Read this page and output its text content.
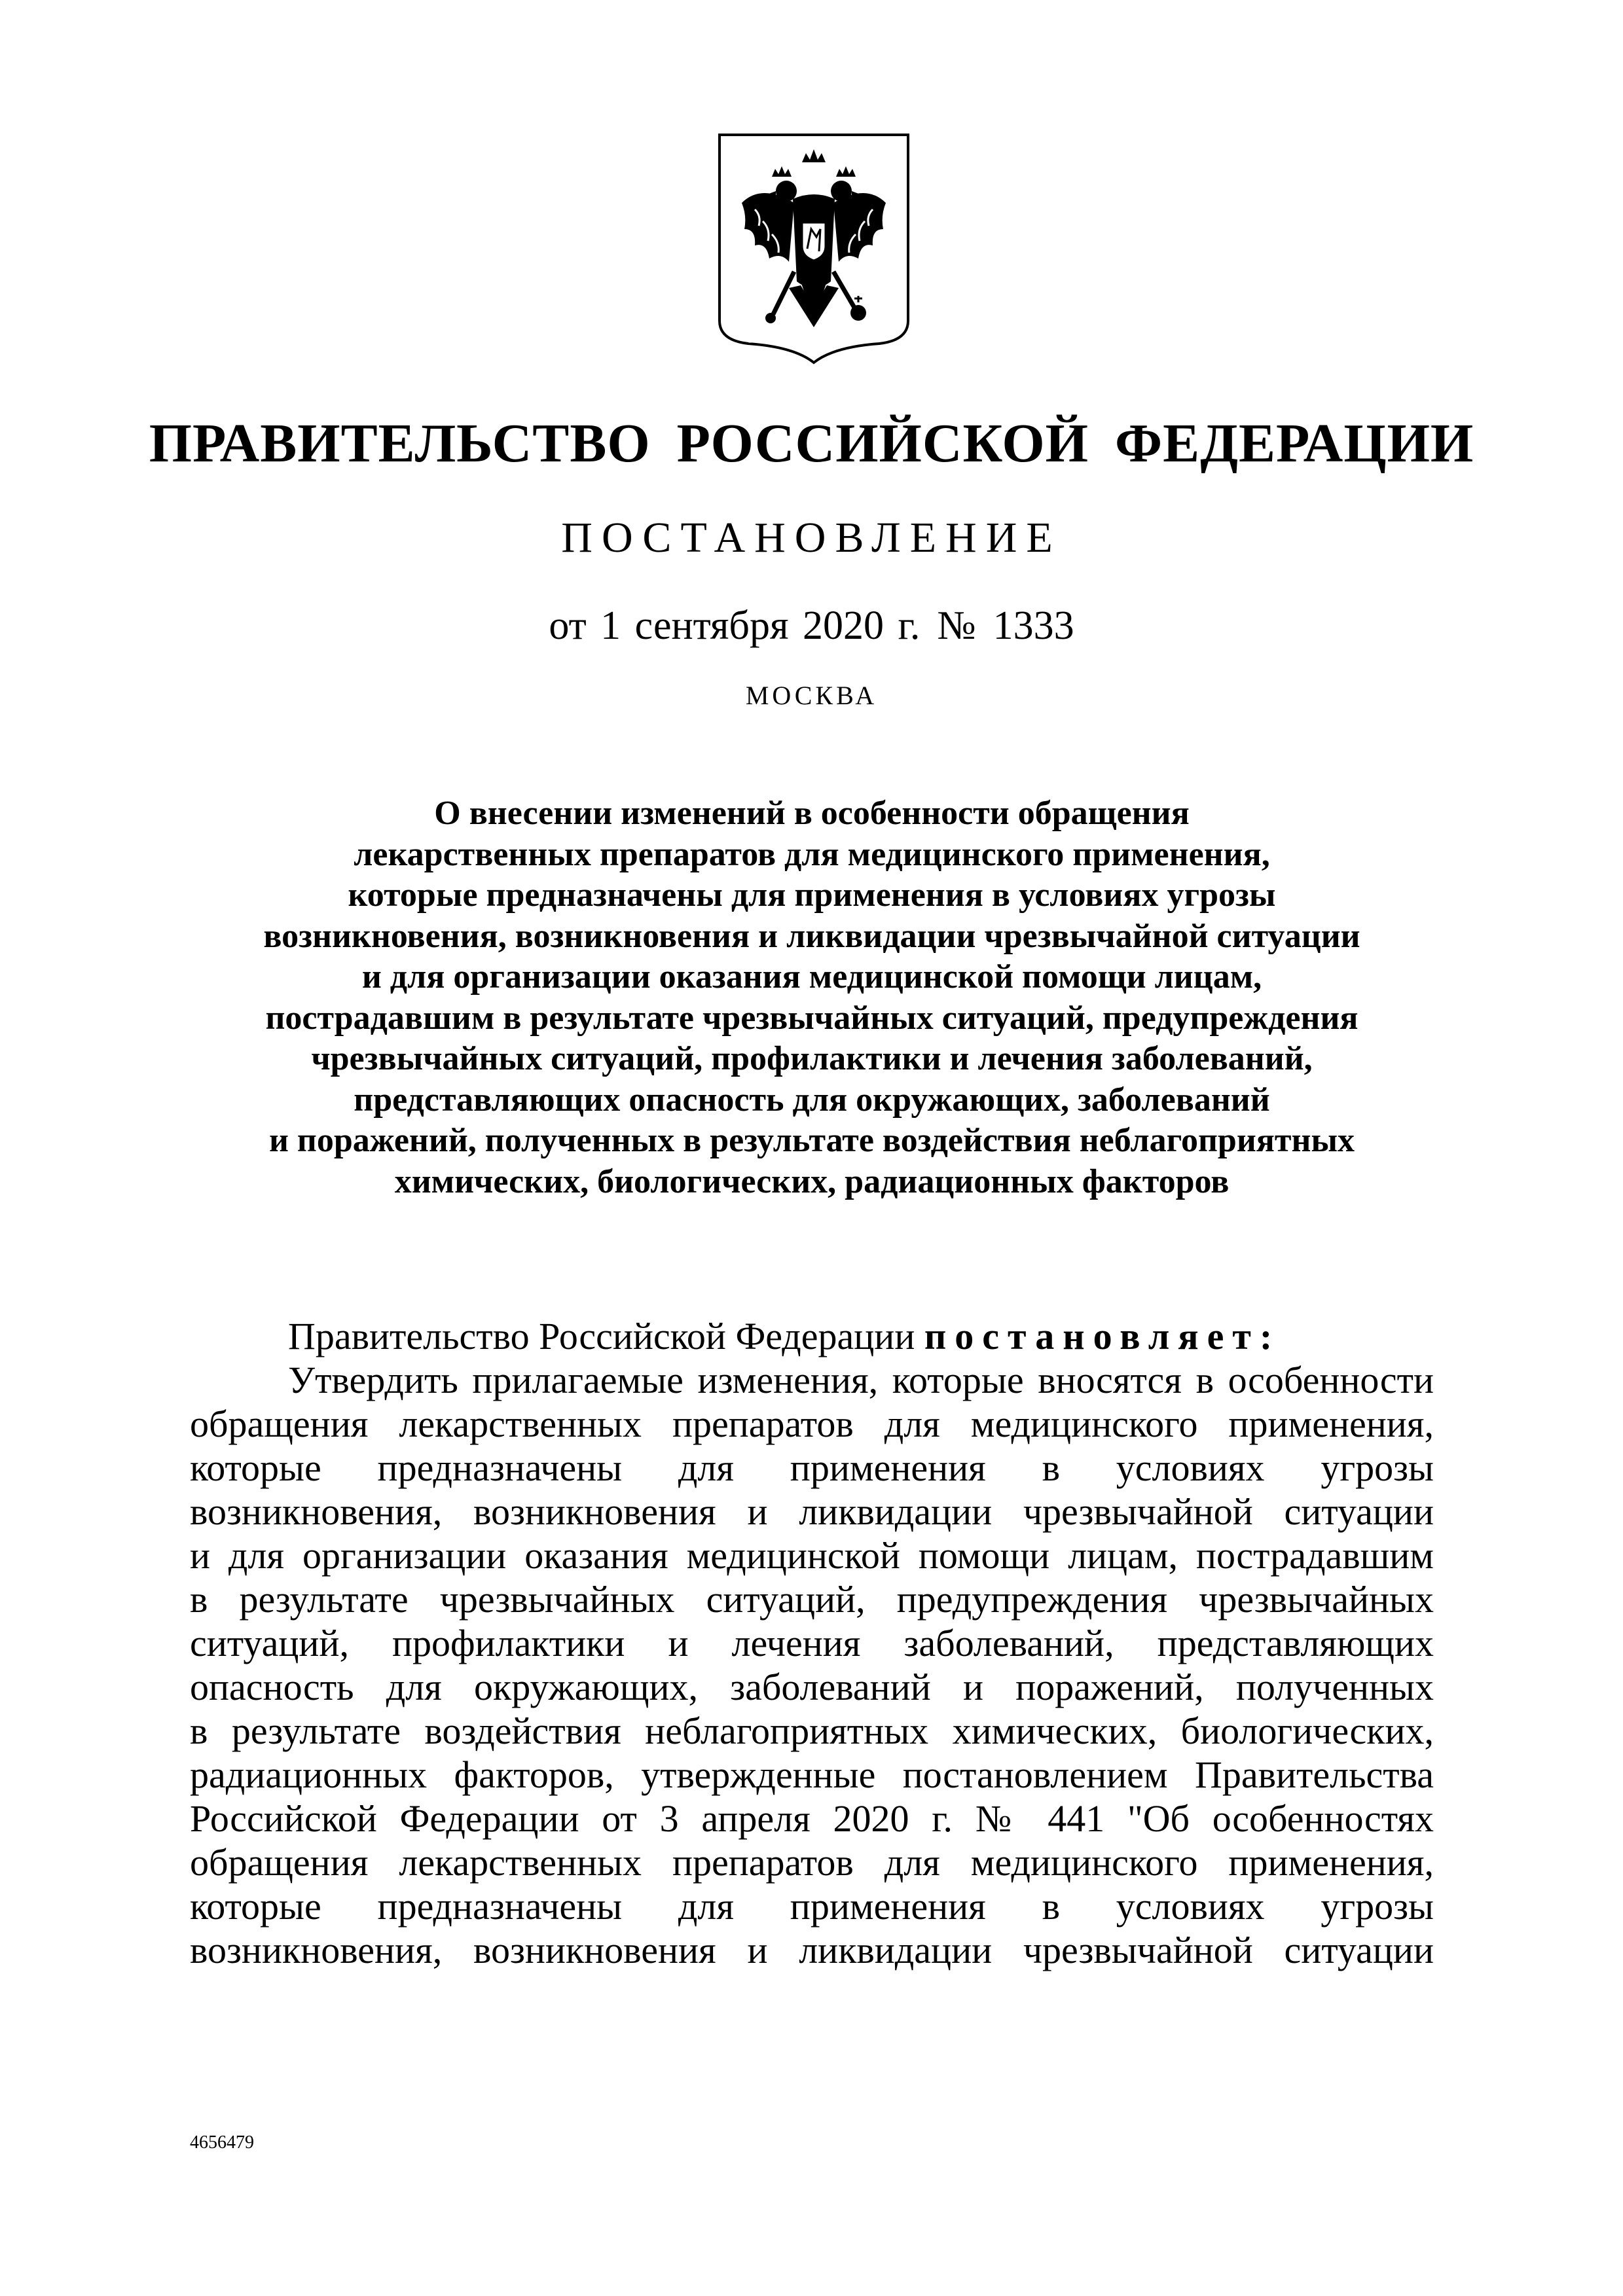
ПРАВИТЕЛЬСТВО РОССИЙСКОЙ ФЕДЕРАЦИИ
ПОСТАНОВЛЕНИЕ
от 1 сентября 2020 г. № 1333
МОСКВА
О внесении изменений в особенности обращения
лекарственных препаратов для медицинского применения,
которые предназначены для применения в условиях угрозы
возникновения, возникновения и ликвидации чрезвычайной ситуации
и для организации оказания медицинской помощи лицам,
пострадавшим в результате чрезвычайных ситуаций, предупреждения
чрезвычайных ситуаций, профилактики и лечения заболеваний,
представляющих опасность для окружающих, заболеваний
и поражений, полученных в результате воздействия неблагоприятных
химических, биологических, радиационных факторов
Правительство Российской Федерации постановляет:
Утвердить прилагаемые изменения, которые вносятся в особенности
обращения лекарственных препаратов для медицинского применения,
которые предназначены для применения в условиях угрозы
возникновения, возникновения и ликвидации чрезвычайной ситуации
и для организации оказания медицинской помощи лицам, пострадавшим
в результате чрезвычайных ситуаций, предупреждения чрезвычайных
ситуаций, профилактики и лечения заболеваний, представляющих
опасность для окружающих, заболеваний и поражений, полученных
в результате воздействия неблагоприятных химических, биологических,
радиационных факторов, утвержденные постановлением Правительства
Российской Федерации от 3 апреля 2020 г. № 441 "Об особенностях
обращения лекарственных препаратов для медицинского применения,
которые предназначены для применения в условиях угрозы
возникновения, возникновения и ликвидации чрезвычайной ситуации
4656479
